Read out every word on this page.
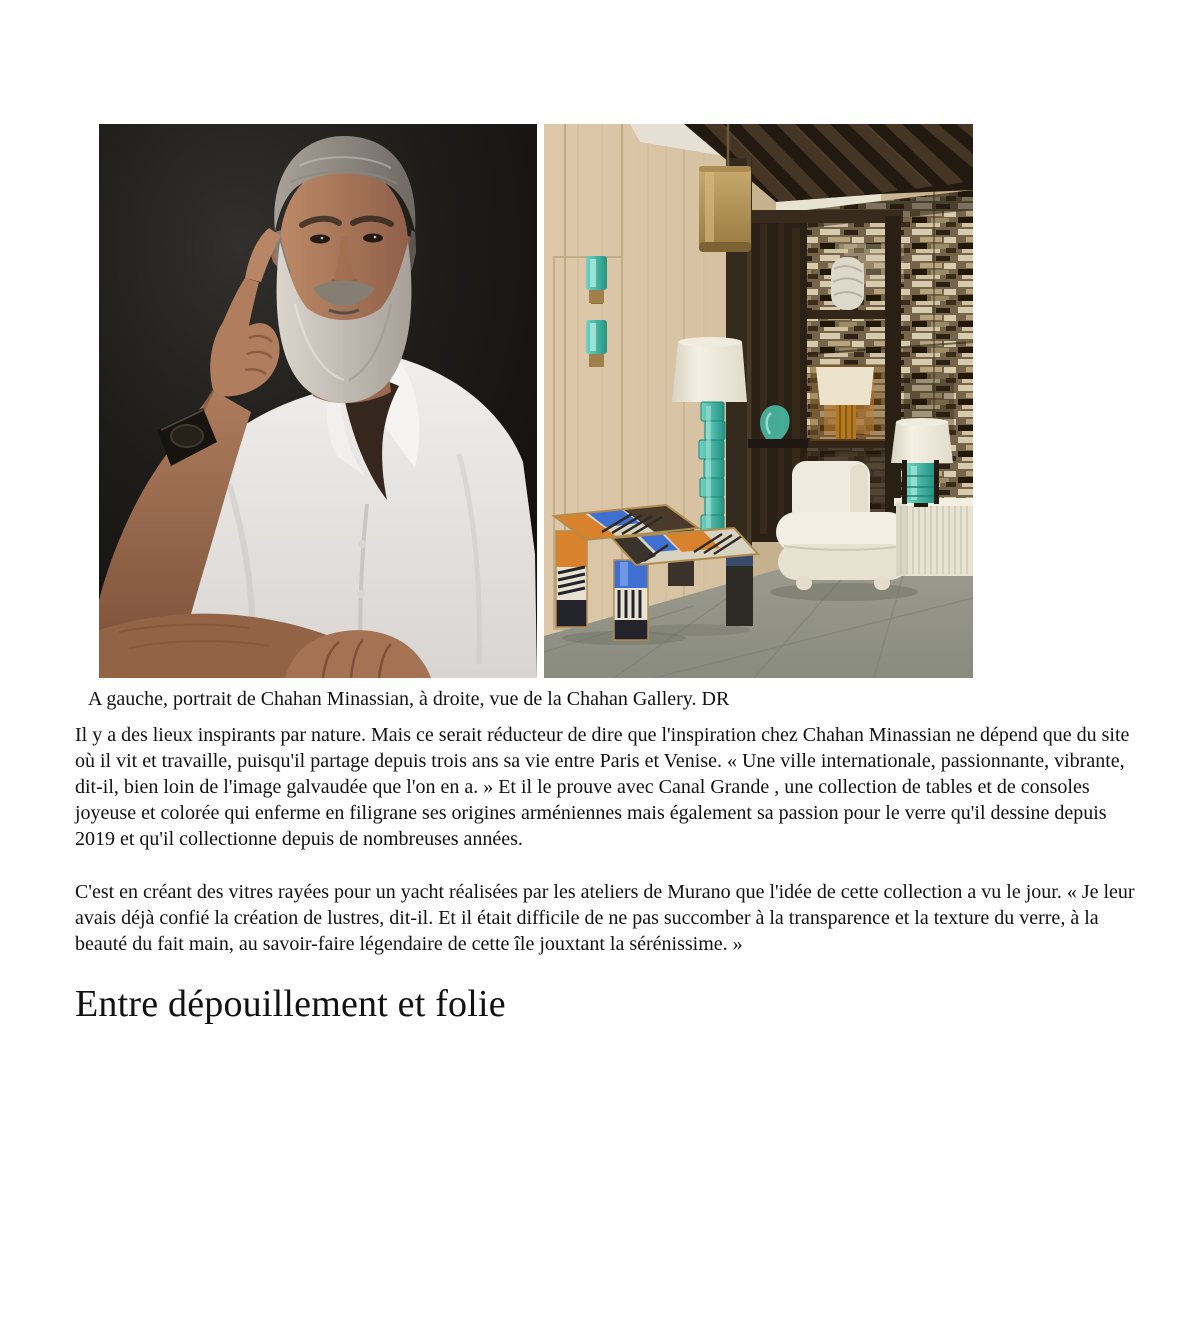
A gauche, portrait de Chahan Minassian, à droite, vue de la Chahan Gallery. DR

Il y a des lieux inspirants par nature. Mais ce serait réducteur de dire que l'inspiration chez Chahan Minassian ne dépend que du site où il vit et travaille, puisqu'il partage depuis trois ans sa vie entre Paris et Venise. « Une ville internationale, passionnante, vibrante, dit-il, bien loin de l'image galvaudée que l'on en a. » Et il le prouve avec Canal Grande , une collection de tables et de consoles joyeuse et colorée qui enferme en filigrane ses origines arméniennes mais également sa passion pour le verre qu'il dessine depuis 2019 et qu'il collectionne depuis de nombreuses années.

C'est en créant des vitres rayées pour un yacht réalisées par les ateliers de Murano que l'idée de cette collection a vu le jour. « Je leur avais déjà confié la création de lustres, dit-il. Et il était difficile de ne pas succomber à la transparence et la texture du verre, à la beauté du fait main, au savoir-faire légendaire de cette île jouxtant la sérénissime. »

Entre dépouillement et folie
